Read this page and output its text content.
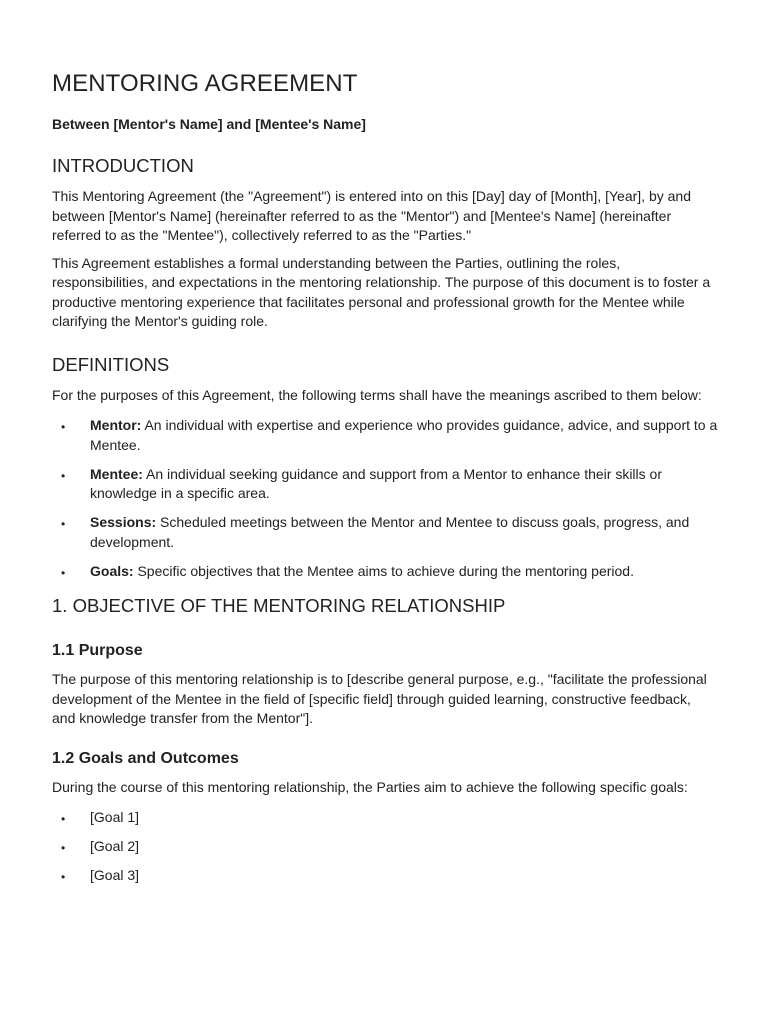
MENTORING AGREEMENT
Between [Mentor's Name] and [Mentee's Name]
INTRODUCTION

This Mentoring Agreement (the "Agreement") is entered into on this [Day] day of [Month], [Year], by and between [Mentor's Name] (hereinafter referred to as the "Mentor") and [Mentee's Name] (hereinafter referred to as the "Mentee"), collectively referred to as the "Parties."

This Agreement establishes a formal understanding between the Parties, outlining the roles, responsibilities, and expectations in the mentoring relationship. The purpose of this document is to foster a productive mentoring experience that facilitates personal and professional growth for the Mentee while clarifying the Mentor's guiding role.

DEFINITIONS

For the purposes of this Agreement, the following terms shall have the meanings ascribed to them below:

• Mentor: An individual with expertise and experience who provides guidance, advice, and support to a Mentee.
• Mentee: An individual seeking guidance and support from a Mentor to enhance their skills or knowledge in a specific area.
• Sessions: Scheduled meetings between the Mentor and Mentee to discuss goals, progress, and development.
• Goals: Specific objectives that the Mentee aims to achieve during the mentoring period.
1. OBJECTIVE OF THE MENTORING RELATIONSHIP
1.1 Purpose

The purpose of this mentoring relationship is to [describe general purpose, e.g., "facilitate the professional development of the Mentee in the field of [specific field] through guided learning, constructive feedback, and knowledge transfer from the Mentor"].

1.2 Goals and Outcomes

During the course of this mentoring relationship, the Parties aim to achieve the following specific goals:

• [Goal 1]
• [Goal 2]
• [Goal 3]
